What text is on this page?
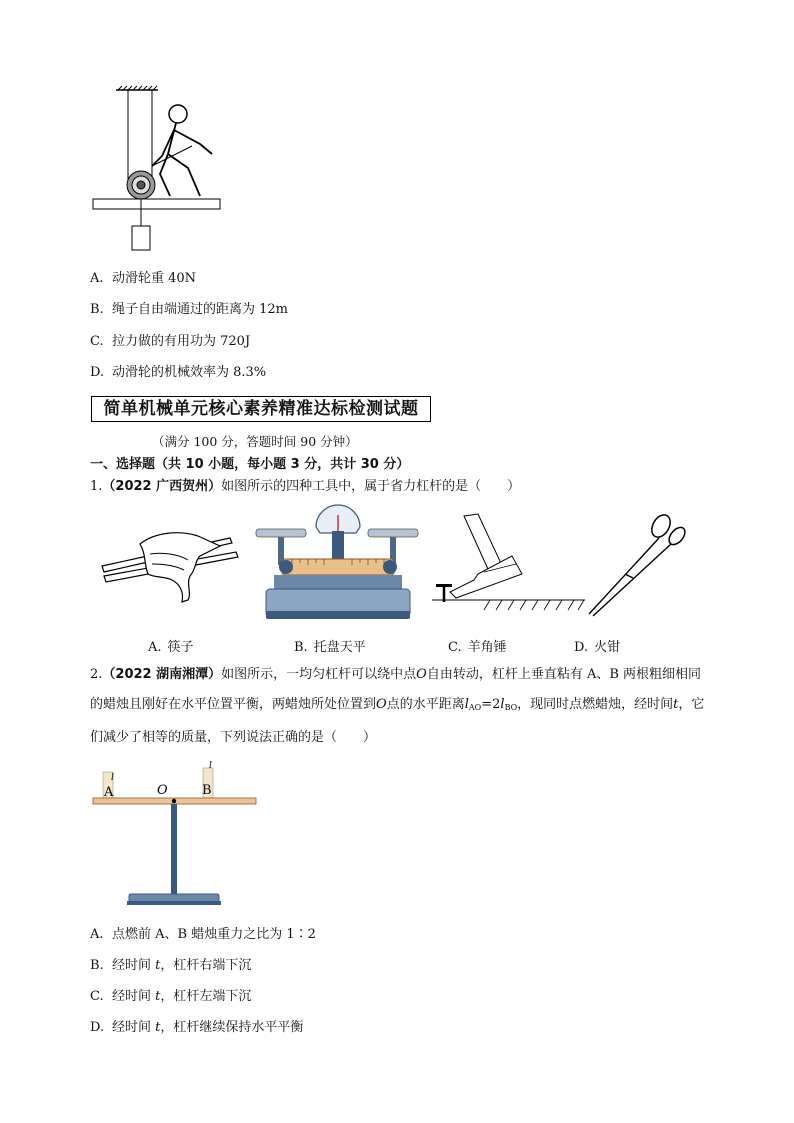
A. 动滑轮重 40N
B. 绳子自由端通过的距离为 12m
C. 拉力做的有用功为 720J
D. 动滑轮的机械效率为 8.3%
简单机械单元核心素养精准达标检测试题
（满分 100 分，答题时间 90 分钟）
一、选择题（共 10 小题，每小题 3 分，共计 30 分）
1.（2022 广西贺州）如图所示的四种工具中，属于省力杠杆的是（　　）
A. 筷子	B. 托盘天平	C. 羊角锤	D. 火钳
2.（2022 湖南湘潭）如图所示，一均匀杠杆可以绕中点O自由转动，杠杆上垂直粘有 A、B 两根粗细相同的蜡烛且刚好在水平位置平衡，两蜡烛所处位置到O点的水平距离lAO=2lBO，现同时点燃蜡烛，经时间t，它们减少了相等的质量，下列说法正确的是（　　）
l
l
A	O	B
A. 点燃前 A、B 蜡烛重力之比为 1∶2
B. 经时间 t，杠杆右端下沉
C. 经时间 t，杠杆左端下沉
D. 经时间 t，杠杆继续保持水平平衡
